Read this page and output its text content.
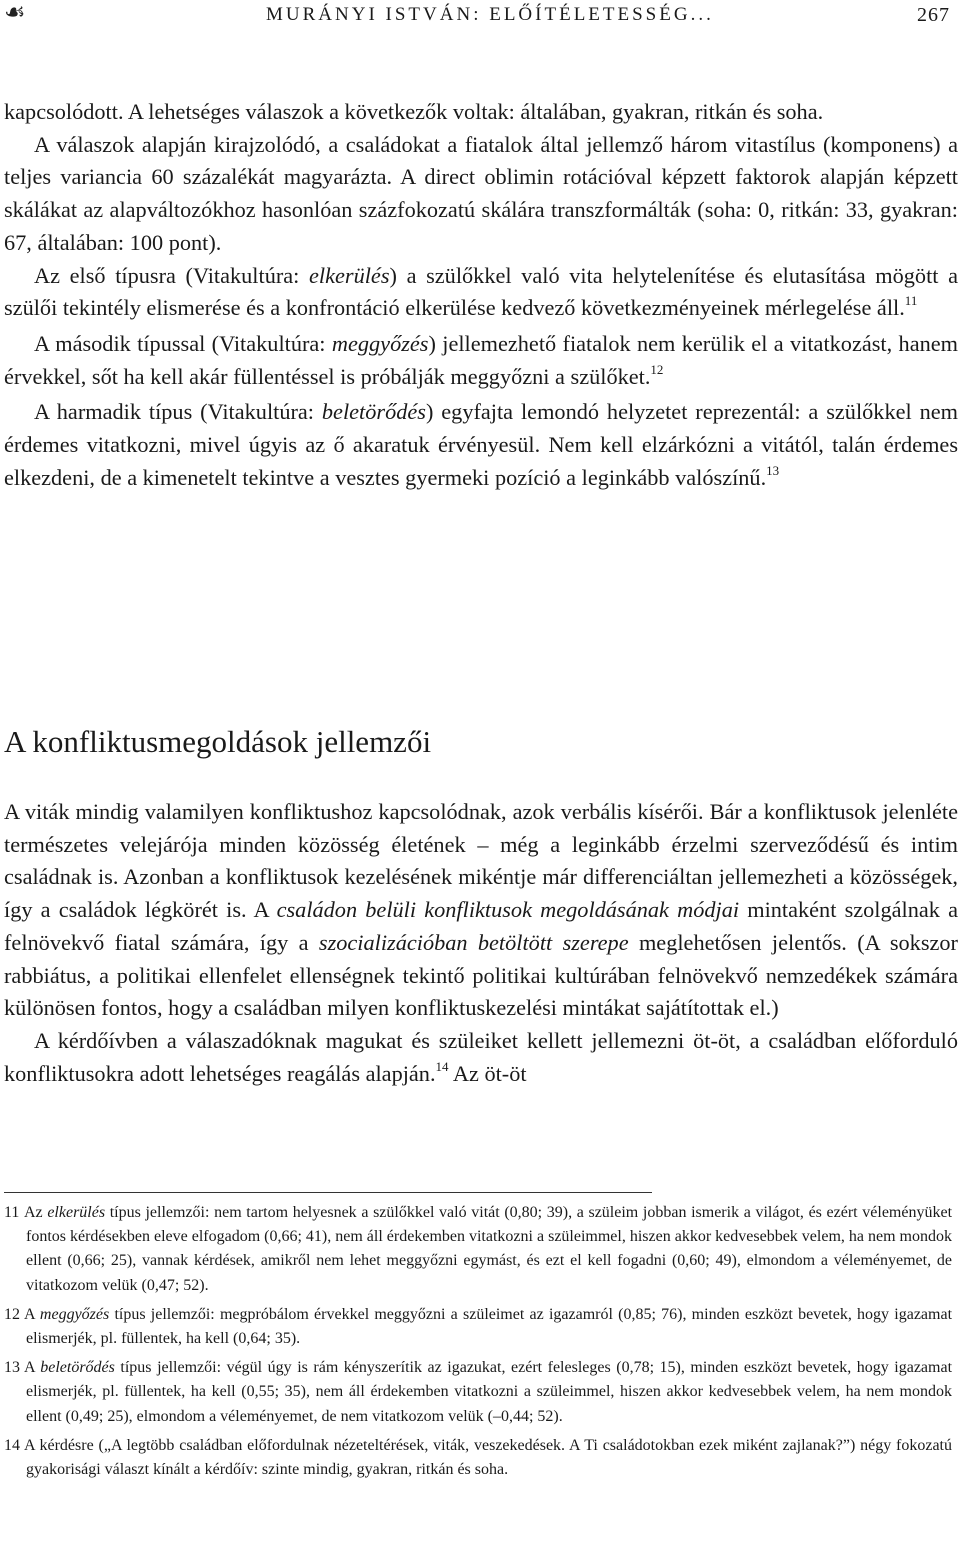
☙	MURÁNYI ISTVÁN: ELŐÍTÉLETESSÉG...	267

kapcsolódott. A lehetséges válaszok a következők voltak: általában, gyakran, ritkán és soha.

A válaszok alapján kirajzolódó, a családokat a fiatalok által jellemző három vitastílus (komponens) a teljes variancia 60 százalékát magyarázta. A direct oblimin rotációval képzett faktorok alapján képzett skálákat az alapváltozókhoz hasonlóan százfokozatú skálára transzformálták (soha: 0, ritkán: 33, gyakran: 67, általában: 100 pont).

Az első típusra (Vitakultúra: elkerülés) a szülőkkel való vita helytelenítése és elutasítása mögött a szülői tekintély elismerése és a konfrontáció elkerülése kedvező következményeinek mérlegelése áll.$^{11}$

A második típussal (Vitakultúra: meggyőzés) jellemezhető fiatalok nem kerülik el a vitatkozást, hanem érvekkel, sőt ha kell akár füllentéssel is próbálják meggyőzni a szülőket.$^{12}$

A harmadik típus (Vitakultúra: beletörődés) egyfajta lemondó helyzetet reprezentál: a szülőkkel nem érdemes vitatkozni, mivel úgyis az ő akaratuk érvényesül. Nem kell elzárkózni a vitától, talán érdemes elkezdeni, de a kimenetelt tekintve a vesztes gyermeki pozíció a leginkább valószínű.$^{13}$

A konfliktusmegoldások jellemzői

A viták mindig valamilyen konfliktushoz kapcsolódnak, azok verbális kísérői. Bár a konfliktusok jelenléte természetes velejárója minden közösség életének – még a leginkább érzelmi szerveződésű és intim családnak is. Azonban a konfliktusok kezelésének mikéntje már differenciáltan jellemezheti a közösségek, így a családok légkörét is. A családon belüli konfliktusok megoldásának módjai mintaként szolgálnak a felnövekvő fiatal számára, így a szocializációban betöltött szerepe meglehetősen jelentős. (A sokszor rabbiátus, a politikai ellenfelet ellenségnek tekintő politikai kultúrában felnövekvő nemzedékek számára különösen fontos, hogy a családban milyen konfliktuskezelési mintákat sajátítottak el.)

A kérdőívben a válaszadóknak magukat és szüleiket kellett jellemezni öt-öt, a családban előforduló konfliktusokra adott lehetséges reagálás alapján.$^{14}$ Az öt-öt

11 Az elkerülés típus jellemzői: nem tartom helyesnek a szülőkkel való vitát (0,80; 39), a szüleim jobban ismerik a világot, és ezért véleményüket fontos kérdésekben eleve elfogadom (0,66; 41), nem áll érdekemben vitatkozni a szüleimmel, hiszen akkor kedvesebbek velem, ha nem mondok ellent (0,66; 25), vannak kérdések, amikről nem lehet meggyőzni egymást, és ezt el kell fogadni (0,60; 49), elmondom a véleményemet, de vitatkozom velük (0,47; 52).

12 A meggyőzés típus jellemzői: megpróbálom érvekkel meggyőzni a szüleimet az igazamról (0,85; 76), minden eszközt bevetek, hogy igazamat elismerjék, pl. füllentek, ha kell (0,64; 35).

13 A beletörődés típus jellemzői: végül úgy is rám kényszerítik az igazukat, ezért felesleges (0,78; 15), minden eszközt bevetek, hogy igazamat elismerjék, pl. füllentek, ha kell (0,55; 35), nem áll érdekemben vitatkozni a szüleimmel, hiszen akkor kedvesebbek velem, ha nem mondok ellent (0,49; 25), elmondom a véleményemet, de nem vitatkozom velük (–0,44; 52).

14 A kérdésre („A legtöbb családban előfordulnak nézeteltérések, viták, veszekedések. A Ti családotokban ezek miként zajlanak?”) négy fokozatú gyakorisági választ kínált a kérdőív: szinte mindig, gyakran, ritkán és soha.
